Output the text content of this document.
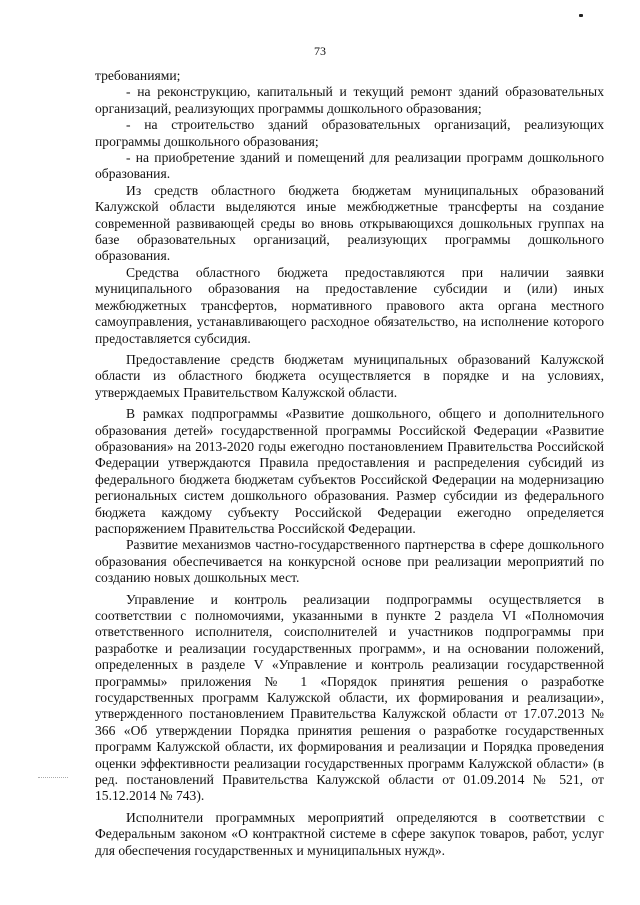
73

требованиями;

- на реконструкцию, капитальный и текущий ремонт зданий образовательных организаций, реализующих программы дошкольного образования;

- на строительство зданий образовательных организаций, реализующих программы дошкольного образования;

- на приобретение зданий и помещений для реализации программ дошкольного образования.

Из средств областного бюджета бюджетам муниципальных образований Калужской области выделяются иные межбюджетные трансферты на создание современной развивающей среды во вновь открывающихся дошкольных группах на базе образовательных организаций, реализующих программы дошкольного образования.

Средства областного бюджета предоставляются при наличии заявки муниципального образования на предоставление субсидии и (или) иных межбюджетных трансфертов, нормативного правового акта органа местного самоуправления, устанавливающего расходное обязательство, на исполнение которого предоставляется субсидия.

Предоставление средств бюджетам муниципальных образований Калужской области из областного бюджета осуществляется в порядке и на условиях, утверждаемых Правительством Калужской области.

В рамках подпрограммы «Развитие дошкольного, общего и дополнительного образования детей» государственной программы Российской Федерации «Развитие образования» на 2013-2020 годы ежегодно постановлением Правительства Российской Федерации утверждаются Правила предоставления и распределения субсидий из федерального бюджета бюджетам субъектов Российской Федерации на модернизацию региональных систем дошкольного образования. Размер субсидии из федерального бюджета каждому субъекту Российской Федерации ежегодно определяется распоряжением Правительства Российской Федерации.

Развитие механизмов частно-государственного партнерства в сфере дошкольного образования обеспечивается на конкурсной основе при реализации мероприятий по созданию новых дошкольных мест.

Управление и контроль реализации подпрограммы осуществляется в соответствии с полномочиями, указанными в пункте 2 раздела VI «Полномочия ответственного исполнителя, соисполнителей и участников подпрограммы при разработке и реализации государственных программ», и на основании положений, определенных в разделе V «Управление и контроль реализации государственной программы» приложения № 1 «Порядок принятия решения о разработке государственных программ Калужской области, их формирования и реализации», утвержденного постановлением Правительства Калужской области от 17.07.2013 № 366 «Об утверждении Порядка принятия решения о разработке государственных программ Калужской области, их формирования и реализации и Порядка проведения оценки эффективности реализации государственных программ Калужской области» (в ред. постановлений Правительства Калужской области от 01.09.2014 № 521, от 15.12.2014 № 743).

Исполнители программных мероприятий определяются в соответствии с Федеральным законом «О контрактной системе в сфере закупок товаров, работ, услуг для обеспечения государственных и муниципальных нужд».
